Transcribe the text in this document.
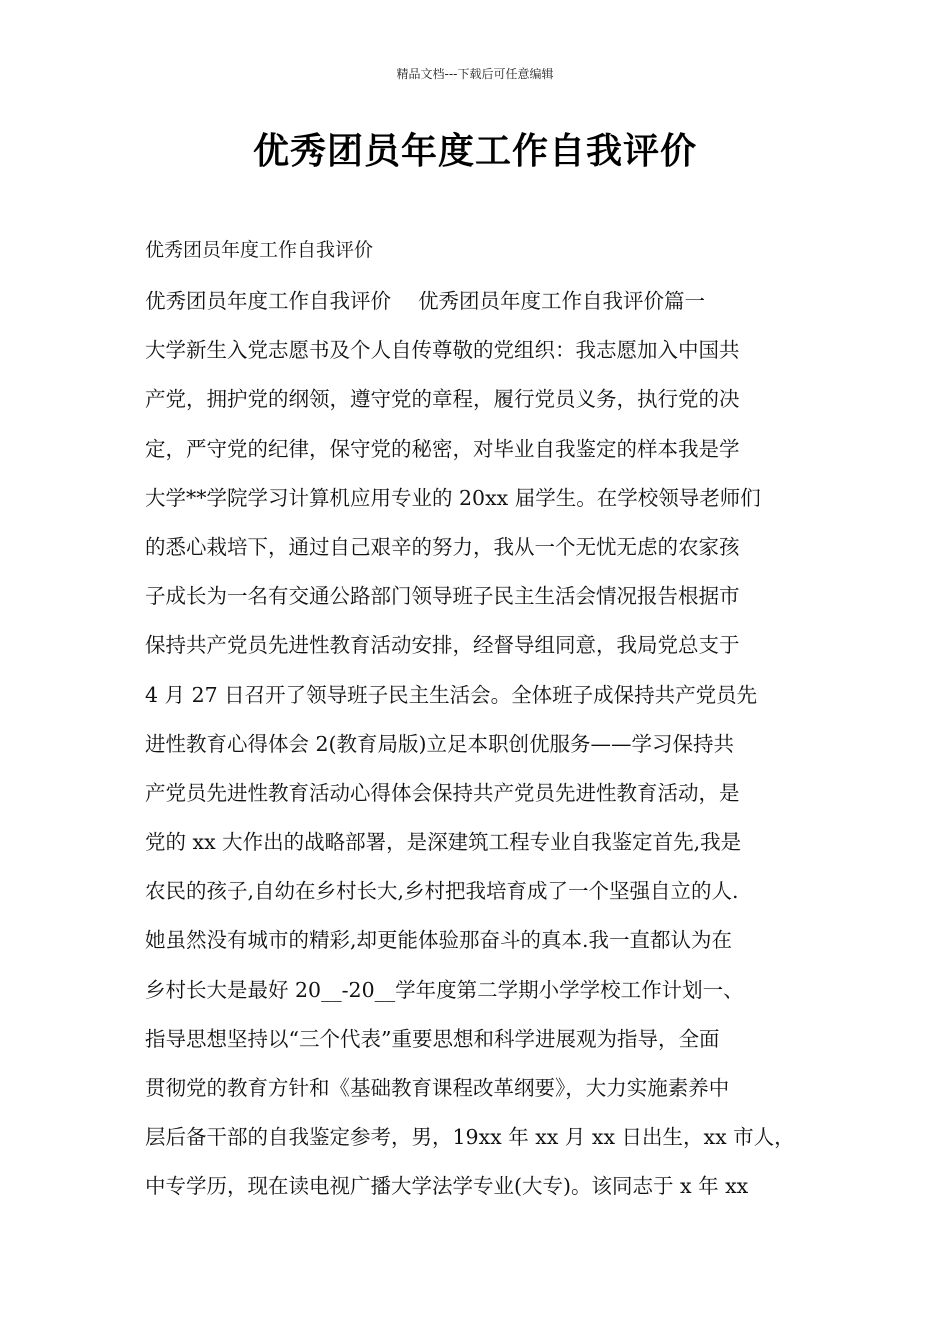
精品文档---下载后可任意编辑
优秀团员年度工作自我评价
优秀团员年度工作自我评价
优秀团员年度工作自我评价　 优秀团员年度工作自我评价篇一
大学新生入党志愿书及个人自传尊敬的党组织：我志愿加入中国共
产党，拥护党的纲领，遵守党的章程，履行党员义务，执行党的决
定，严守党的纪律，保守党的秘密，对毕业自我鉴定的样本我是学
大学**学院学习计算机应用专业的 20xx 届学生。在学校领导老师们
的悉心栽培下，通过自己艰辛的努力，我从一个无忧无虑的农家孩
子成长为一名有交通公路部门领导班子民主生活会情况报告根据市
保持共产党员先进性教育活动安排，经督导组同意，我局党总支于
4 月 27 日召开了领导班子民主生活会。全体班子成保持共产党员先
进性教育心得体会 2(教育局版)立足本职创优服务——学习保持共
产党员先进性教育活动心得体会保持共产党员先进性教育活动，是
党的 xx 大作出的战略部署，是深建筑工程专业自我鉴定首先,我是
农民的孩子,自幼在乡村长大,乡村把我培育成了一个坚强自立的人.
她虽然没有城市的精彩,却更能体验那奋斗的真本.我一直都认为在
乡村长大是最好 20__-20__学年度第二学期小学学校工作计划一、
指导思想坚持以“三个代表”重要思想和科学进展观为指导，全面
贯彻党的教育方针和《基础教育课程改革纲要》，大力实施素养中
层后备干部的自我鉴定参考，男，19xx 年 xx 月 xx 日出生，xx 市人，
中专学历，现在读电视广播大学法学专业(大专)。该同志于 x 年 xx
